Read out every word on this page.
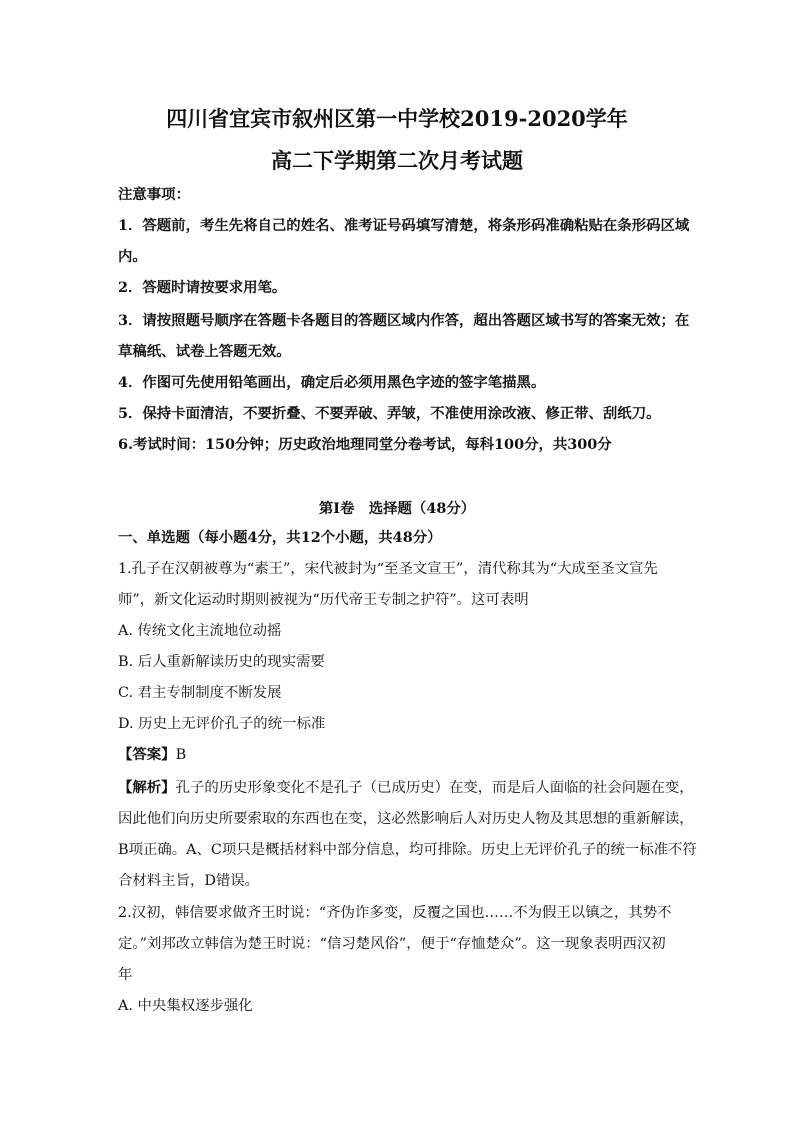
四川省宜宾市叙州区第一中学校2019-2020学年
高二下学期第二次月考试题
注意事项：
1．答题前，考生先将自己的姓名、准考证号码填写清楚，将条形码准确粘贴在条形码区域
内。
2．答题时请按要求用笔。
3．请按照题号顺序在答题卡各题目的答题区域内作答，超出答题区域书写的答案无效；在
草稿纸、试卷上答题无效。
4．作图可先使用铅笔画出，确定后必须用黑色字迹的签字笔描黑。
5．保持卡面清洁，不要折叠、不要弄破、弄皱，不准使用涂改液、修正带、刮纸刀。
6.考试时间：150分钟；历史政治地理同堂分卷考试，每科100分，共300分
第I卷　选择题（48分）
一、单选题（每小题4分，共12个小题，共48分）
1.孔子在汉朝被尊为“素王”，宋代被封为“至圣文宣王”，清代称其为“大成至圣文宣先
师”，新文化运动时期则被视为“历代帝王专制之护符”。这可表明
A. 传统文化主流地位动摇
B. 后人重新解读历史的现实需要
C. 君主专制制度不断发展
D. 历史上无评价孔子的统一标准
【答案】B
【解析】孔子的历史形象变化不是孔子（已成历史）在变，而是后人面临的社会问题在变，
因此他们向历史所要索取的东西也在变，这必然影响后人对历史人物及其思想的重新解读，
B项正确。A、C项只是概括材料中部分信息，均可排除。历史上无评价孔子的统一标准不符
合材料主旨，D错误。
2.汉初，韩信要求做齐王时说：“齐伪诈多变，反覆之国也……不为假王以镇之，其势不
定。”刘邦改立韩信为楚王时说：“信习楚风俗”，便于“存恤楚众”。这一现象表明西汉初
年
A. 中央集权逐步强化
